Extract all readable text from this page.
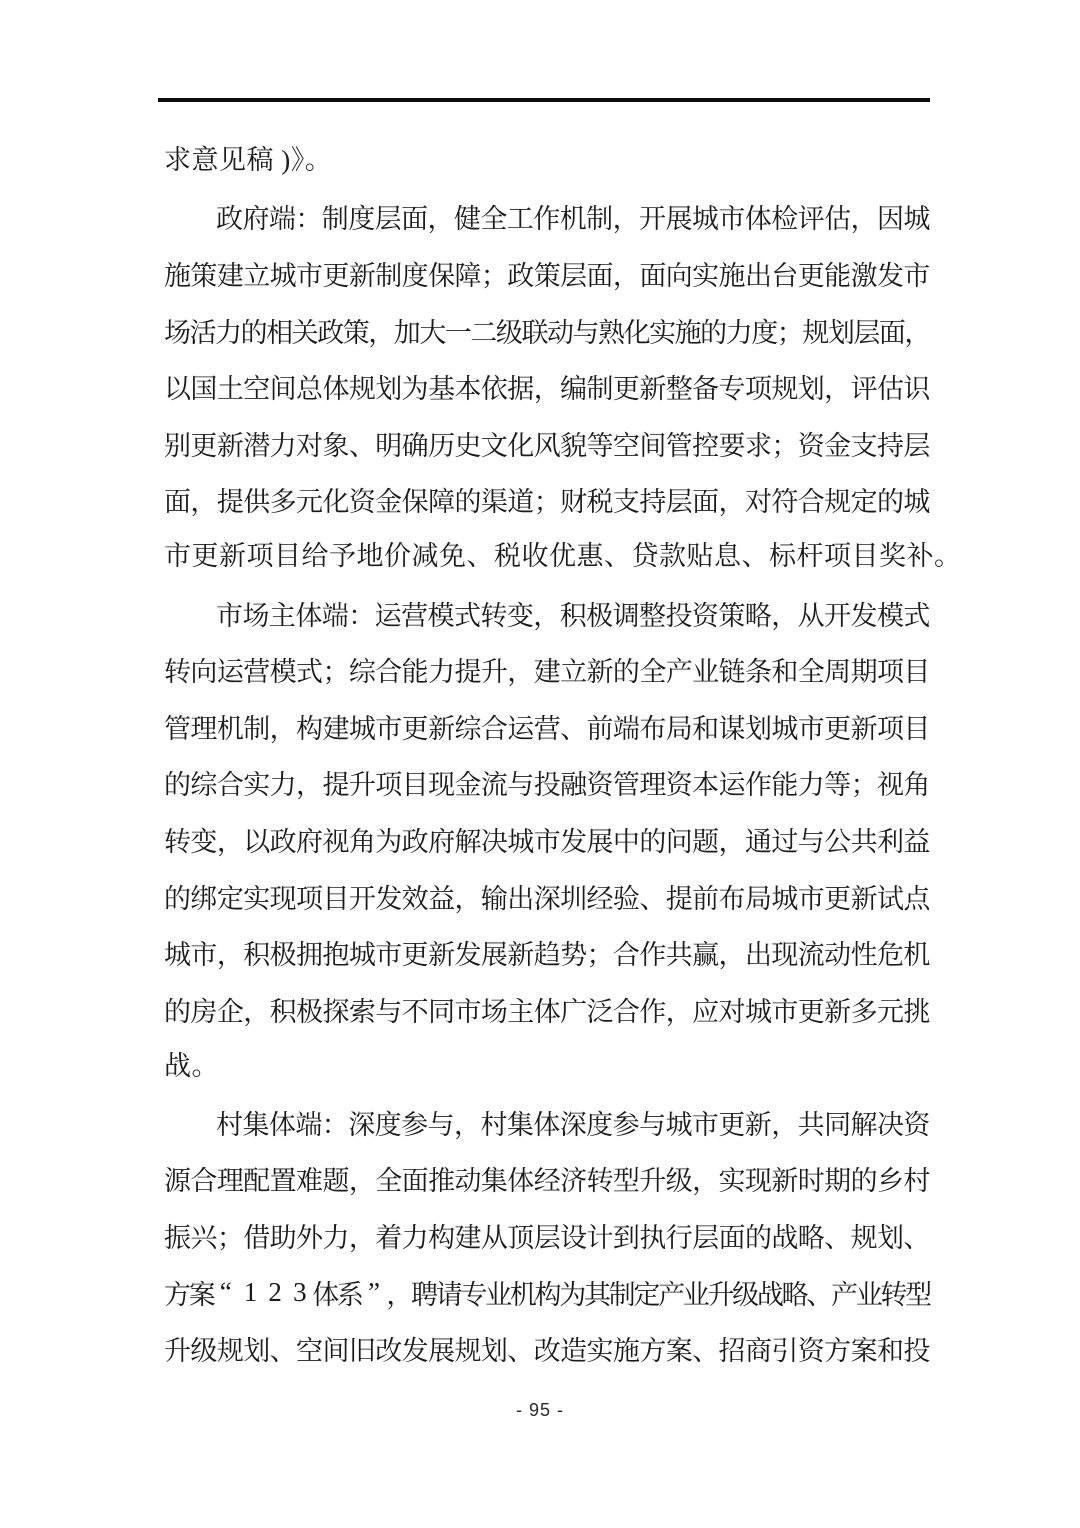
求意见稿 )》。
政 府 端 ： 制 度 层 面 ， 健 全 工 作 机 制 ， 开 展 城 市 体 检 评 估 ， 因 城
施 策 建 立 城 市 更 新 制 度 保 障 ； 政 策 层 面 ， 面 向 实 施 出 台 更 能 激 发 市
场
活
力
的
相
关
政
策
，
加
大
一
二
级
联
动
与
熟
化
实
施
的
力
度
；
规
划
层
面
，
以 国 土 空 间 总 体 规 划 为 基 本 依 据 ， 编 制 更 新 整 备 专 项 规 划 ， 评 估 识
别 更 新 潜 力 对 象 、 明 确 历 史 文 化 风 貌 等 空 间 管 控 要 求 ； 资 金 支 持 层
面 ， 提 供 多 元 化 资 金 保 障 的 渠 道 ； 财 税 支 持 层 面 ， 对 符 合 规 定 的 城
市更新项目给予地价减免、税收优惠、贷款贴息、标杆项目奖补。
市 场 主 体 端 ： 运 营 模 式 转 变 ， 积 极 调 整 投 资 策 略 ， 从 开 发 模 式
转 向 运 营 模 式 ； 综 合 能 力 提 升 ， 建 立 新 的 全 产 业 链 条 和 全 周 期 项 目
管 理 机 制 ， 构 建 城 市 更 新 综 合 运 营 、 前 端 布 局 和 谋 划 城 市 更 新 项 目
的 综 合 实 力 ， 提 升 项 目 现 金 流 与 投 融 资 管 理 资 本 运 作 能 力 等 ； 视 角
转 变 ， 以 政 府 视 角 为 政 府 解 决 城 市 发 展 中 的 问 题 ， 通 过 与 公 共 利 益
的 绑 定 实 现 项 目 开 发 效 益 ， 输 出 深 圳 经 验 、 提 前 布 局 城 市 更 新 试 点
城 市 ， 积 极 拥 抱 城 市 更 新 发 展 新 趋 势 ； 合 作 共 赢 ， 出 现 流 动 性 危 机
的 房 企 ， 积 极 探 索 与 不 同 市 场 主 体 广 泛 合 作 ， 应 对 城 市 更 新 多 元 挑
战。
村 集 体 端 ： 深 度 参 与 ， 村 集 体 深 度 参 与 城 市 更 新 ， 共 同 解 决 资
源 合 理 配 置 难 题 ， 全 面 推 动 集 体 经 济 转 型 升 级 ， 实 现 新 时 期 的 乡 村
振 兴 ； 借 助 外 力 ， 着 力 构 建 从 顶 层 设 计 到 执 行 层 面 的 战 略 、 规 划 、
方
案 “ 1 2 3 体
系 ” ，
聘
请
专
业
机
构
为
其
制
定
产
业
升
级
战
略
、
产
业
转
型
升 级 规 划 、 空 间 旧 改 发 展 规 划 、 改 造 实 施 方 案 、 招 商 引 资 方 案 和 投
- 95 -
